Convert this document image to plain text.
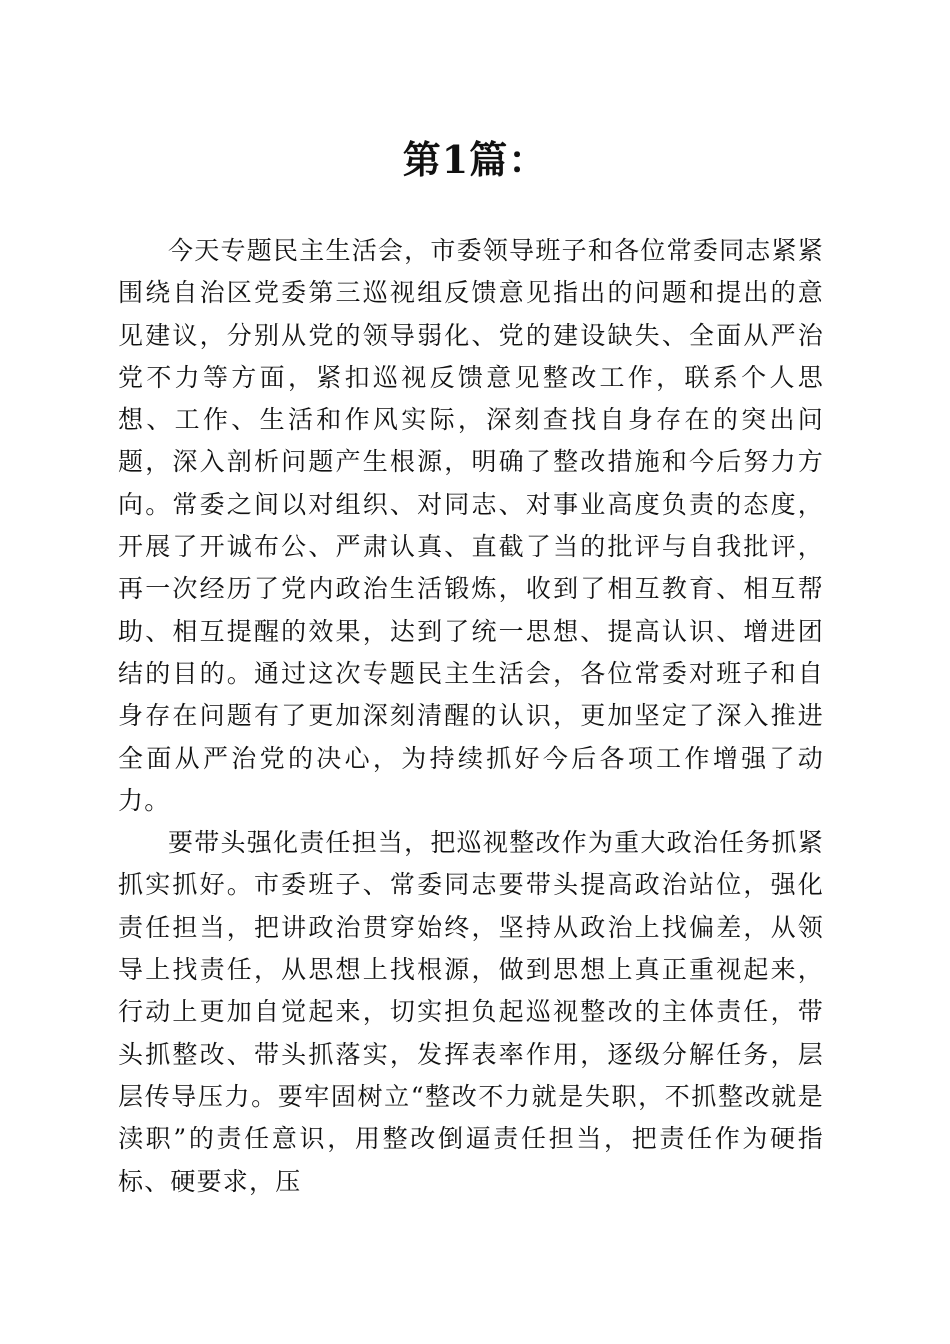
第1篇：

今天专题民主生活会，市委领导班子和各位常委同志紧紧围绕自治区党委第三巡视组反馈意见指出的问题和提出的意见建议，分别从党的领导弱化、党的建设缺失、全面从严治党不力等方面，紧扣巡视反馈意见整改工作，联系个人思想、工作、生活和作风实际，深刻查找自身存在的突出问题，深入剖析问题产生根源，明确了整改措施和今后努力方向。常委之间以对组织、对同志、对事业高度负责的态度，开展了开诚布公、严肃认真、直截了当的批评与自我批评，再一次经历了党内政治生活锻炼，收到了相互教育、相互帮助、相互提醒的效果，达到了统一思想、提高认识、增进团结的目的。通过这次专题民主生活会，各位常委对班子和自身存在问题有了更加深刻清醒的认识，更加坚定了深入推进全面从严治党的决心，为持续抓好今后各项工作增强了动力。

要带头强化责任担当，把巡视整改作为重大政治任务抓紧抓实抓好。市委班子、常委同志要带头提高政治站位，强化责任担当，把讲政治贯穿始终，坚持从政治上找偏差，从领导上找责任，从思想上找根源，做到思想上真正重视起来，行动上更加自觉起来，切实担负起巡视整改的主体责任，带头抓整改、带头抓落实，发挥表率作用，逐级分解任务，层层传导压力。要牢固树立“整改不力就是失职，不抓整改就是渎职”的责任意识，用整改倒逼责任担当，把责任作为硬指标、硬要求，压
